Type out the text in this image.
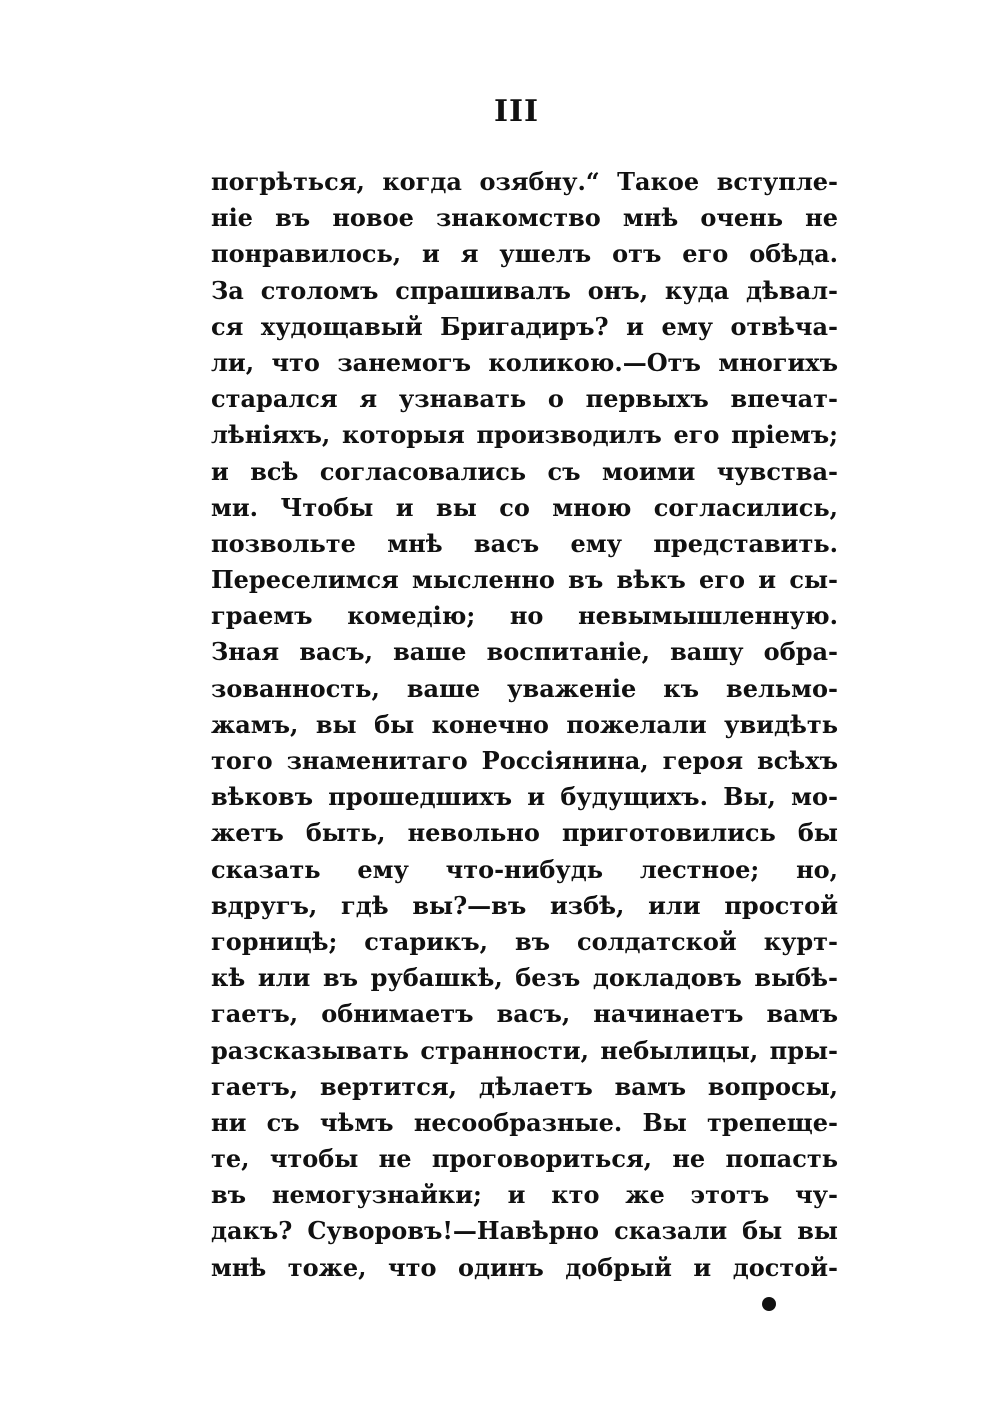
III
погрѣться, когда озябну.“ Такое вступле-
ніе въ новое знакомство мнѣ очень не
понравилось, и я ушелъ отъ его обѣда.
За столомъ спрашивалъ онъ, куда дѣвал-
ся худощавый Бригадиръ? и ему отвѣча-
ли, что занемогъ коликою.—Отъ многихъ
старался я узнавать о первыхъ впечат-
лѣніяхъ, которыя производилъ его пріемъ;
и всѣ согласовались съ моими чувства-
ми. Чтобы и вы со мною согласились,
позвольте мнѣ васъ ему представить.
Переселимся мысленно въ вѣкъ его и сы-
граемъ комедію; но невымышленную.
Зная васъ, ваше воспитаніе, вашу обра-
зованность, ваше уваженіе къ вельмо-
жамъ, вы бы конечно пожелали увидѣть
того знаменитаго Россіянина, героя всѣхъ
вѣковъ прошедшихъ и будущихъ. Вы, мо-
жетъ быть, невольно приготовились бы
сказать ему что-нибудь лестное; но,
вдругъ, гдѣ вы?—въ избѣ, или простой
горницѣ; старикъ, въ солдатской курт-
кѣ или въ рубашкѣ, безъ докладовъ выбѣ-
гаетъ, обнимаетъ васъ, начинаетъ вамъ
разсказывать странности, небылицы, пры-
гаетъ, вертится, дѣлаетъ вамъ вопросы,
ни съ чѣмъ несообразные. Вы трепеще-
те, чтобы не проговориться, не попасть
въ немогузнайки; и кто же этотъ чу-
дакъ? Суворовъ!—Навѣрно сказали бы вы
мнѣ тоже, что одинъ добрый и достой-
